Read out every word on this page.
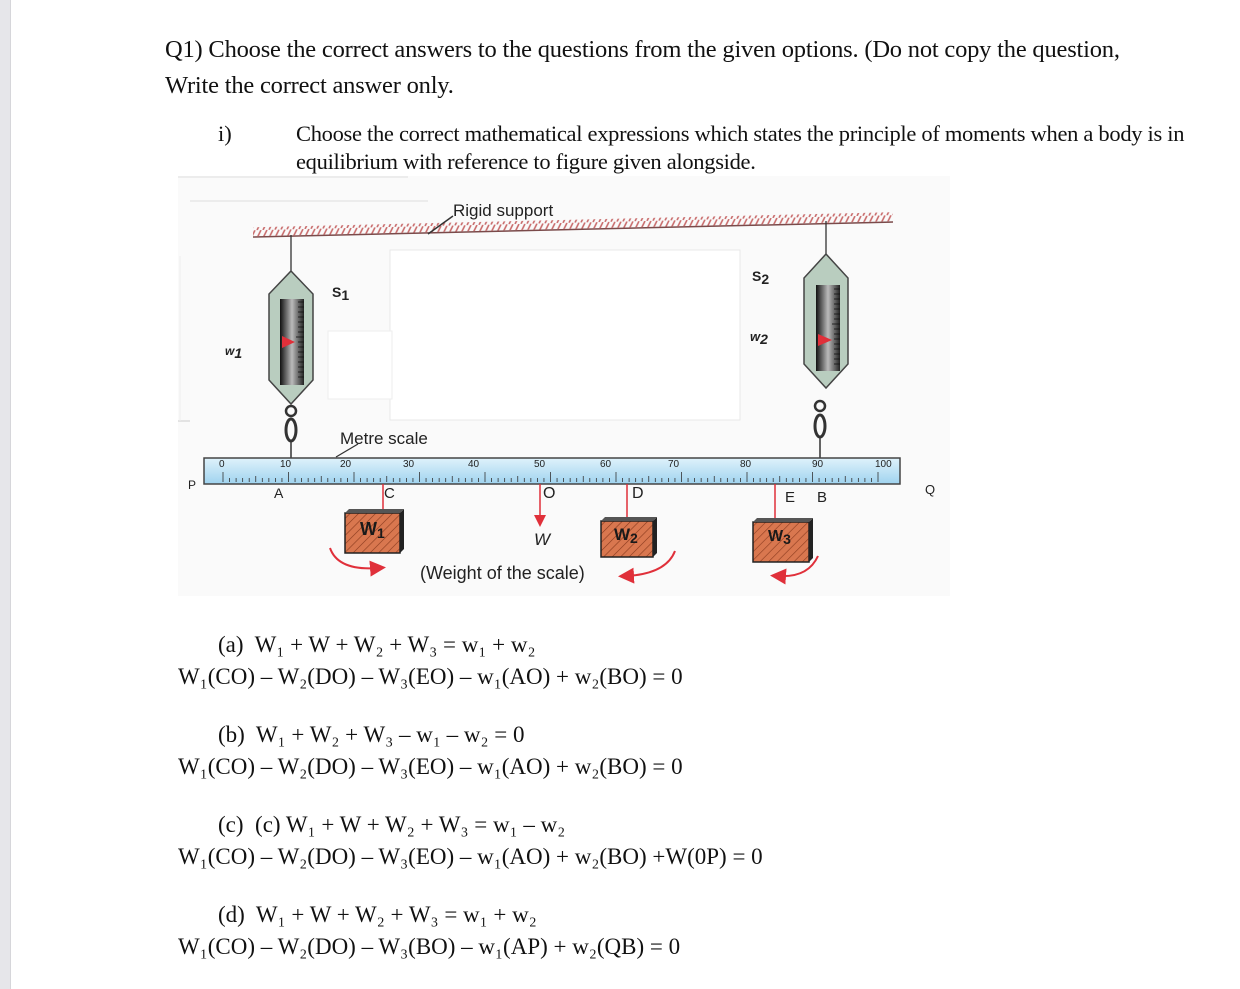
Q1) Choose the correct answers to the questions from the given options. (Do not copy the question, Write the correct answer only.
i)	Choose the correct mathematical expressions which states the principle of moments when a body is in equilibrium with reference to figure given alongside.
Rigid support
$S_1$
$S_2$
$w_1$
$w_2$
Metre scale
0	10	20	30	40	50	60	70	80	90	100
P	A	C	O	D	E B	Q
W
(Weight of the scale)
$W_1$	$W_2$	$W_3$
(a) W₁ + W + W₂ + W₃ = w₁ + w₂
W₁(CO) – W₂(DO) – W₃(EO) – w₁(AO) + w₂(BO) = 0
(b) W₁ + W₂ + W₃ – w₁ – w₂ = 0
W₁(CO) – W₂(DO) – W₃(EO) – w₁(AO) + w₂(BO) = 0
(c) (c) W₁ + W + W₂ + W₃ = w₁ – w₂
W₁(CO) – W₂(DO) – W₃(EO) – w₁(AO) + w₂(BO) +W(0P) = 0
(d) W₁ + W + W₂ + W₃ = w₁ + w₂
W₁(CO) – W₂(DO) – W₃(BO) – w₁(AP) + w₂(QB) = 0
